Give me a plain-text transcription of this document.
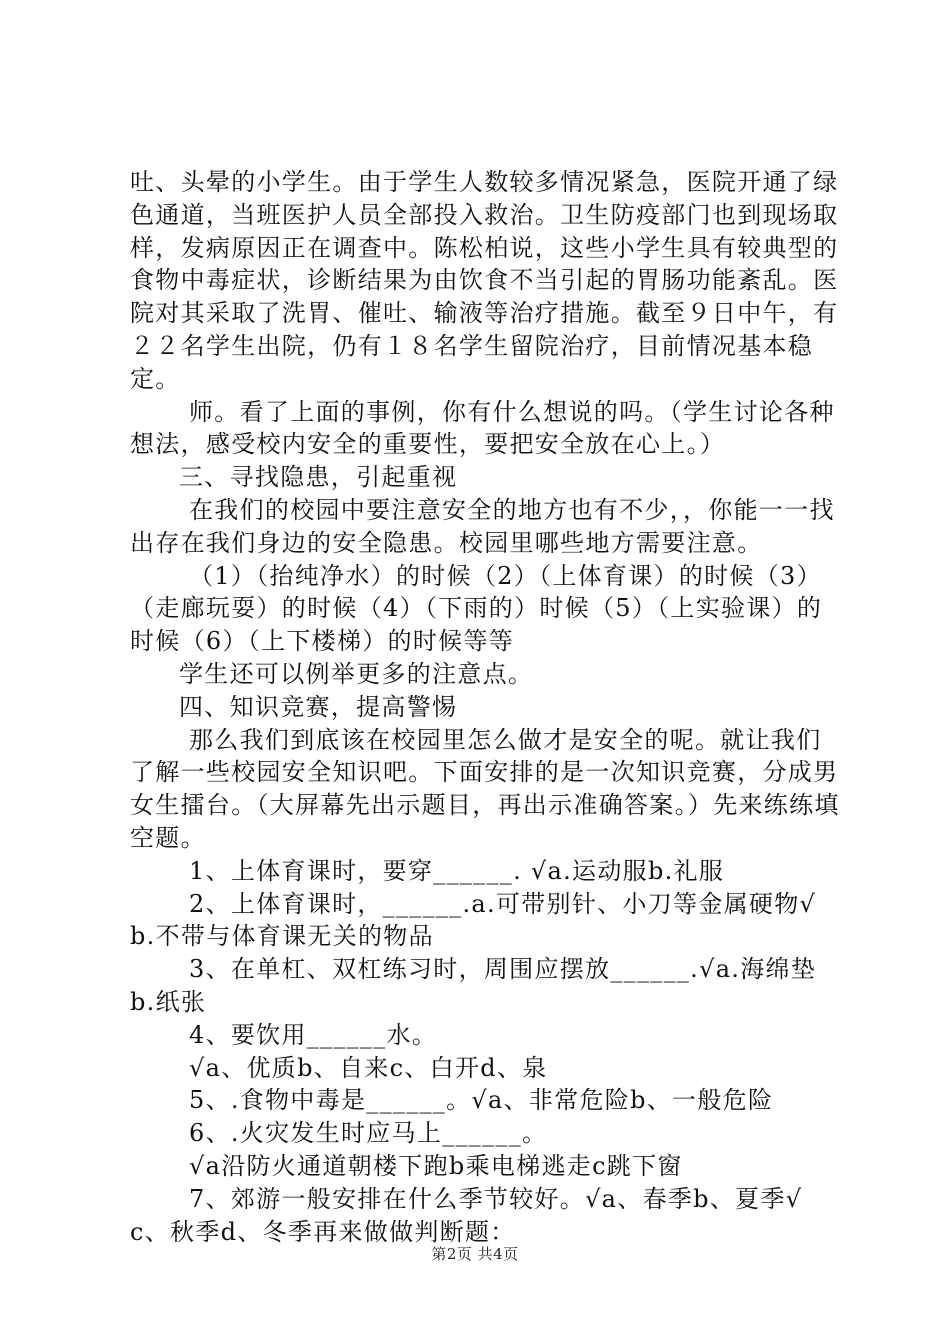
吐、头晕的小学生。由于学生人数较多情况紧急，医院开通了绿色通道，当班医护人员全部投入救治。卫生防疫部门也到现场取样，发病原因正在调查中。陈松柏说，这些小学生具有较典型的食物中毒症状，诊断结果为由饮食不当引起的胃肠功能紊乱。医院对其采取了洗胃、催吐、输液等治疗措施。截至９日中午，有２２名学生出院，仍有１８名学生留院治疗，目前情况基本稳定。

师。看了上面的事例，你有什么想说的吗。（学生讨论各种想法，感受校内安全的重要性，要把安全放在心上。）

三、寻找隐患，引起重视

在我们的校园中要注意安全的地方也有不少，，你能一一找出存在我们身边的安全隐患。校园里哪些地方需要注意。

（1）（抬纯净水）的时候（2）（上体育课）的时候（3）（走廊玩耍）的时候（4）（下雨的）时候（5）（上实验课）的时候（6）（上下楼梯）的时候等等

学生还可以例举更多的注意点。

四、知识竞赛，提高警惕

那么我们到底该在校园里怎么做才是安全的呢。就让我们了解一些校园安全知识吧。下面安排的是一次知识竞赛，分成男女生擂台。（大屏幕先出示题目，再出示准确答案。）先来练练填空题。

1、上体育课时，要穿______. √a.运动服b.礼服

2、上体育课时，______.a.可带别针、小刀等金属硬物√b.不带与体育课无关的物品

3、在单杠、双杠练习时，周围应摆放______.√a.海绵垫b.纸张

4、要饮用______水。

√a、优质b、自来c、白开d、泉

5、.食物中毒是______。√a、非常危险b、一般危险

6、.火灾发生时应马上______。

√a沿防火通道朝楼下跑b乘电梯逃走c跳下窗

7、郊游一般安排在什么季节较好。√a、春季b、夏季√c、秋季d、冬季再来做做判断题：

第2页 共4页
